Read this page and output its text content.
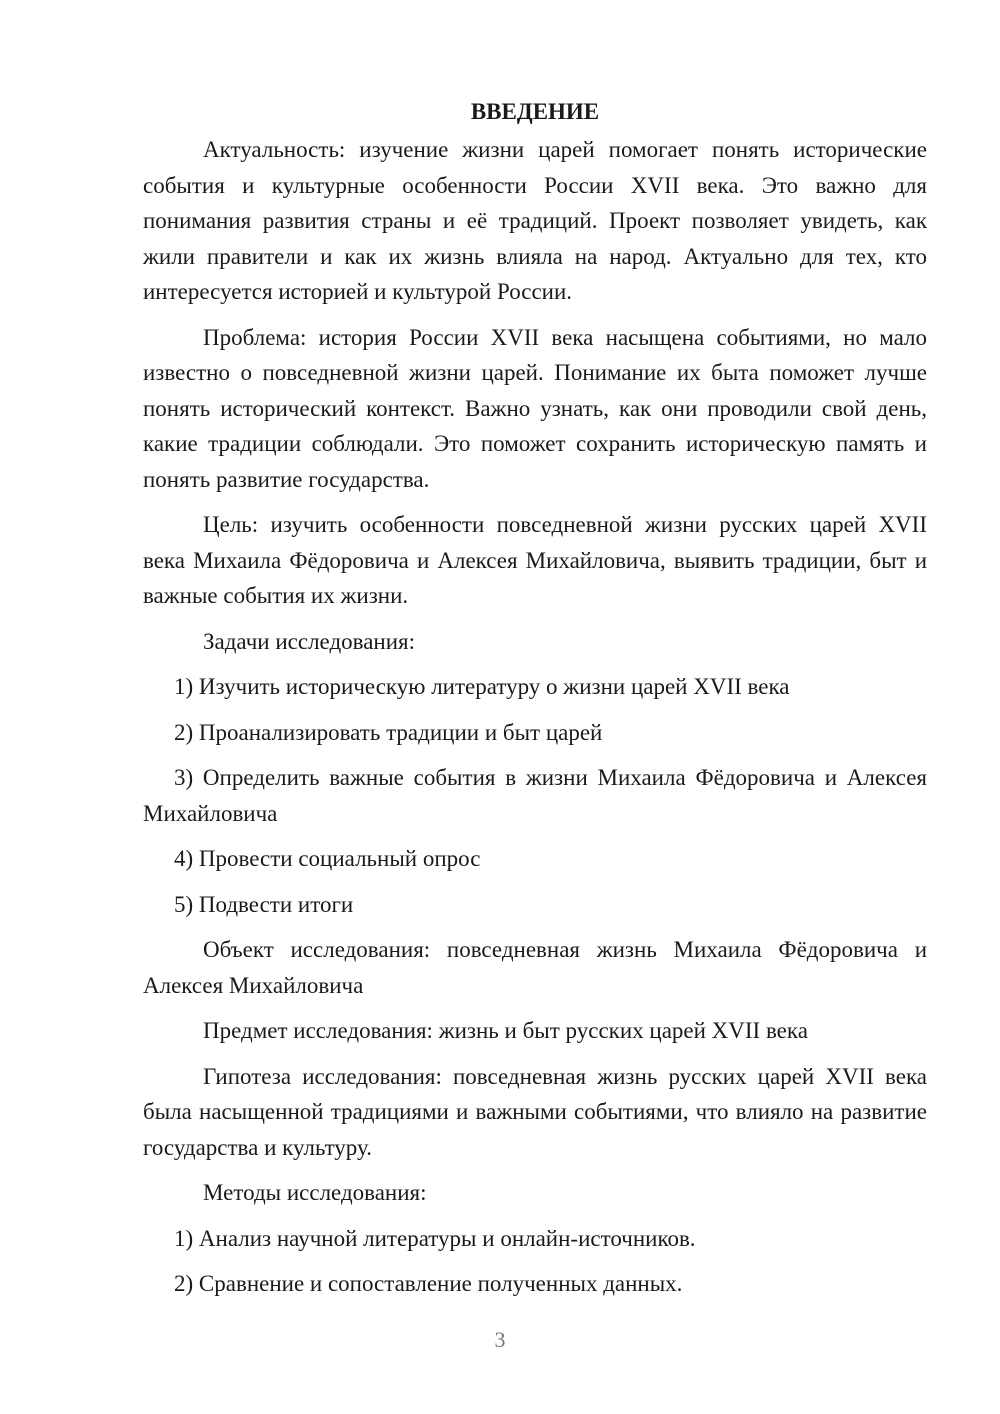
ВВЕДЕНИЕ

Актуальность: изучение жизни царей помогает понять исторические события и культурные особенности России XVII века. Это важно для понимания развития страны и её традиций. Проект позволяет увидеть, как жили правители и как их жизнь влияла на народ. Актуально для тех, кто интересуется историей и культурой России.

Проблема: история России XVII века насыщена событиями, но мало известно о повседневной жизни царей. Понимание их быта поможет лучше понять исторический контекст. Важно узнать, как они проводили свой день, какие традиции соблюдали. Это поможет сохранить историческую память и понять развитие государства.

Цель: изучить особенности повседневной жизни русских царей XVII века Михаила Фёдоровича и Алексея Михайловича, выявить традиции, быт и важные события их жизни.

Задачи исследования:

1) Изучить историческую литературу о жизни царей XVII века

2) Проанализировать традиции и быт царей

3) Определить важные события в жизни Михаила Фёдоровича и Алексея Михайловича

4) Провести социальный опрос

5) Подвести итоги

Объект исследования: повседневная жизнь Михаила Фёдоровича и Алексея Михайловича

Предмет исследования: жизнь и быт русских царей XVII века

Гипотеза исследования: повседневная жизнь русских царей XVII века была насыщенной традициями и важными событиями, что влияло на развитие государства и культуру.

Методы исследования:

1) Анализ научной литературы и онлайн-источников.

2) Сравнение и сопоставление полученных данных.

3
